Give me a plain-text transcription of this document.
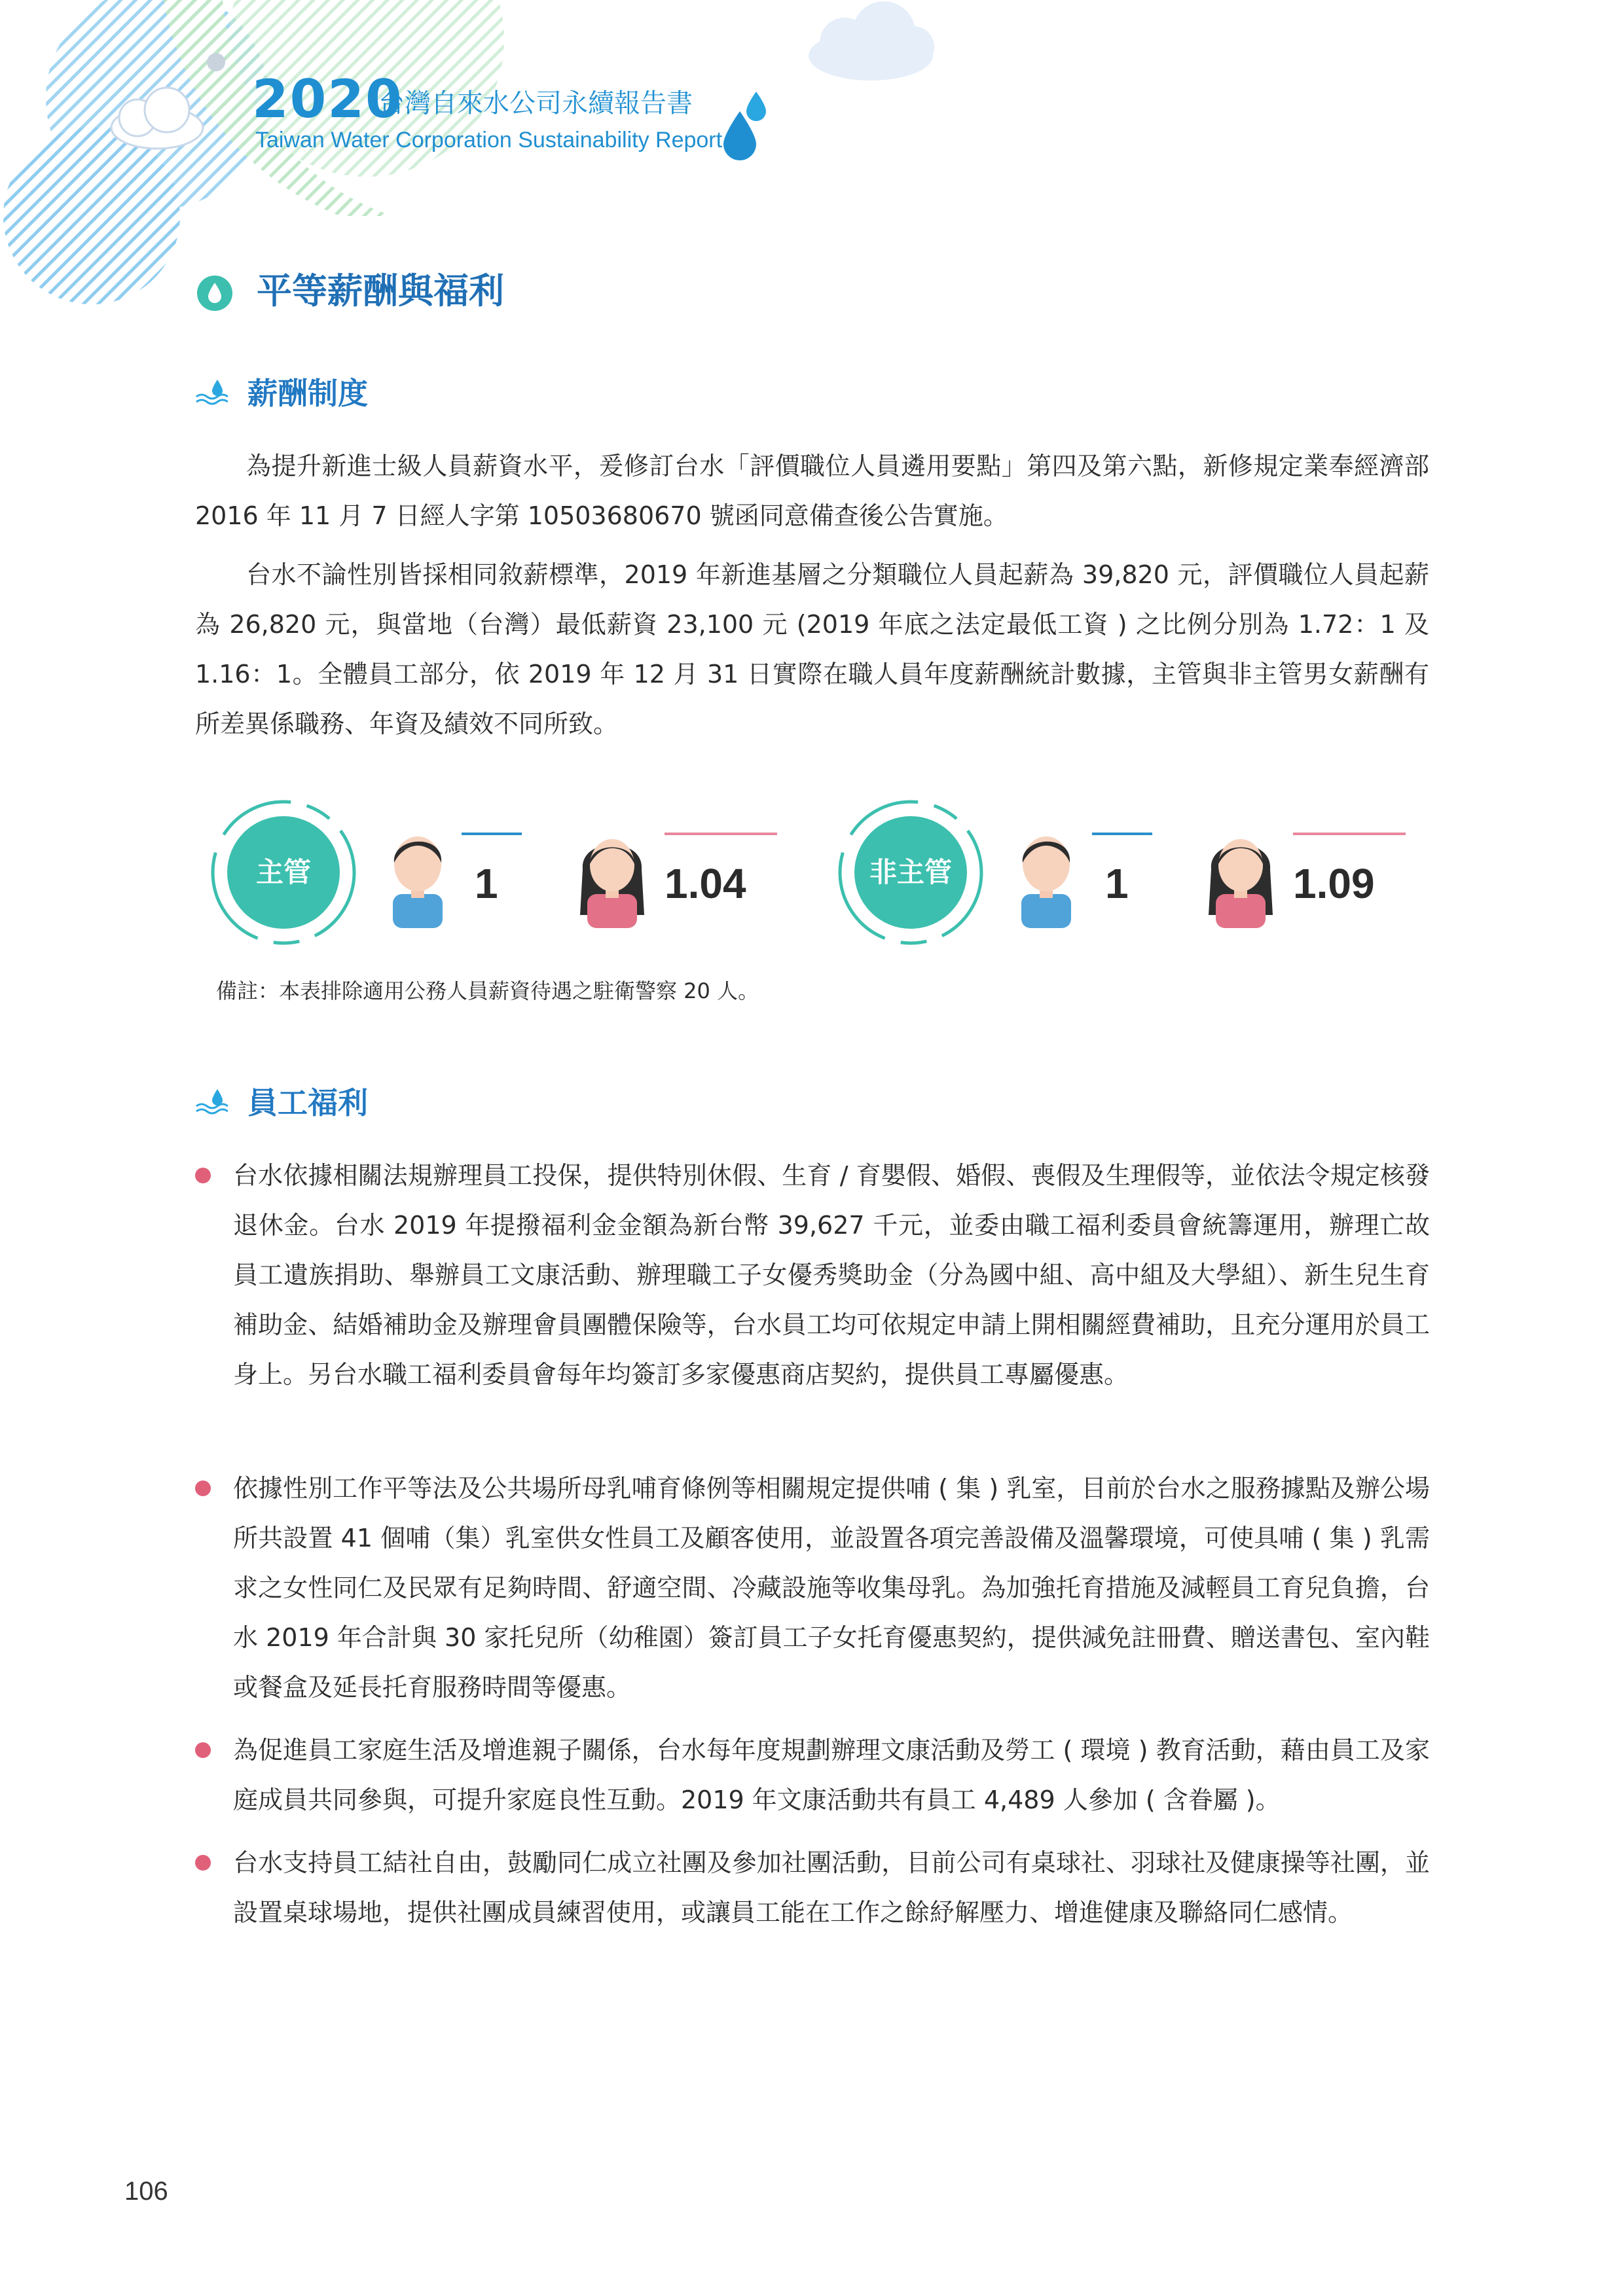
2020
台灣自來水公司永續報告書
Taiwan Water Corporation Sustainability Report
平等薪酬與福利
薪酬制度

為提升新進士級人員薪資水平，爰修訂台水「評價職位人員遴用要點」第四及第六點，新修規定業奉經濟部 2016 年 11 月 7 日經人字第 10503680670 號函同意備查後公告實施。

台水不論性別皆採相同敘薪標準，2019 年新進基層之分類職位人員起薪為 39,820 元，評價職位人員起薪為 26,820 元，與當地（台灣）最低薪資 23,100 元 (2019 年底之法定最低工資 ) 之比例分別為 1.72：1 及 1.16：1。全體員工部分，依 2019 年 12 月 31 日實際在職人員年度薪酬統計數據，主管與非主管男女薪酬有所差異係職務、年資及績效不同所致。

主管	1	1.04	非主管	1	1.09
備註：本表排除適用公務人員薪資待遇之駐衛警察 20 人。
員工福利

台水依據相關法規辦理員工投保，提供特別休假、生育 / 育嬰假、婚假、喪假及生理假等，並依法令規定核發退休金。台水 2019 年提撥福利金金額為新台幣 39,627 千元，並委由職工福利委員會統籌運用，辦理亡故員工遺族捐助、舉辦員工文康活動、辦理職工子女優秀獎助金（分為國中組、高中組及大學組）、新生兒生育補助金、結婚補助金及辦理會員團體保險等，台水員工均可依規定申請上開相關經費補助，且充分運用於員工身上。另台水職工福利委員會每年均簽訂多家優惠商店契約，提供員工專屬優惠。

依據性別工作平等法及公共場所母乳哺育條例等相關規定提供哺 ( 集 ) 乳室，目前於台水之服務據點及辦公場所共設置 41 個哺（集）乳室供女性員工及顧客使用，並設置各項完善設備及溫馨環境，可使具哺 ( 集 ) 乳需求之女性同仁及民眾有足夠時間、舒適空間、冷藏設施等收集母乳。為加強托育措施及減輕員工育兒負擔，台水 2019 年合計與 30 家托兒所（幼稚園）簽訂員工子女托育優惠契約，提供減免註冊費、贈送書包、室內鞋或餐盒及延長托育服務時間等優惠。

為促進員工家庭生活及增進親子關係，台水每年度規劃辦理文康活動及勞工 ( 環境 ) 教育活動，藉由員工及家庭成員共同參與，可提升家庭良性互動。2019 年文康活動共有員工 4,489 人參加 ( 含眷屬 )。

台水支持員工結社自由，鼓勵同仁成立社團及參加社團活動，目前公司有桌球社、羽球社及健康操等社團，並設置桌球場地，提供社團成員練習使用，或讓員工能在工作之餘紓解壓力、增進健康及聯絡同仁感情。

106
